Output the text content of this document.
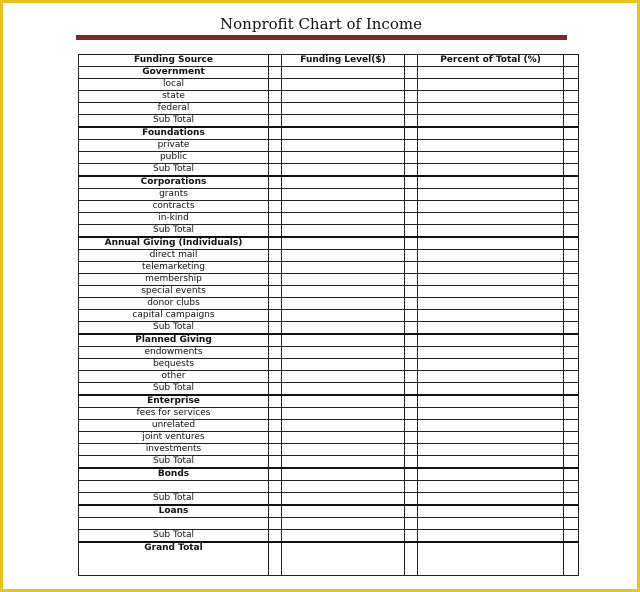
Nonprofit Chart of Income
Funding Source		Funding Level($)		Percent of Total (%)	
Government					
local					
state					
federal					
Sub Total					
Foundations					
private					
public					
Sub Total					
Corporations					
grants					
contracts					
in-kind					
Sub Total					
Annual Giving (Individuals)					
direct mail					
telemarketing					
membership					
special events					
donor clubs					
capital campaigns					
Sub Total					
Planned Giving					
endowments					
bequests					
other					
Sub Total					
Enterprise					
fees for services					
unrelated					
joint ventures					
investments					
Sub Total					
Bonds					

Sub Total					
Loans					

Sub Total					
Grand Total					
